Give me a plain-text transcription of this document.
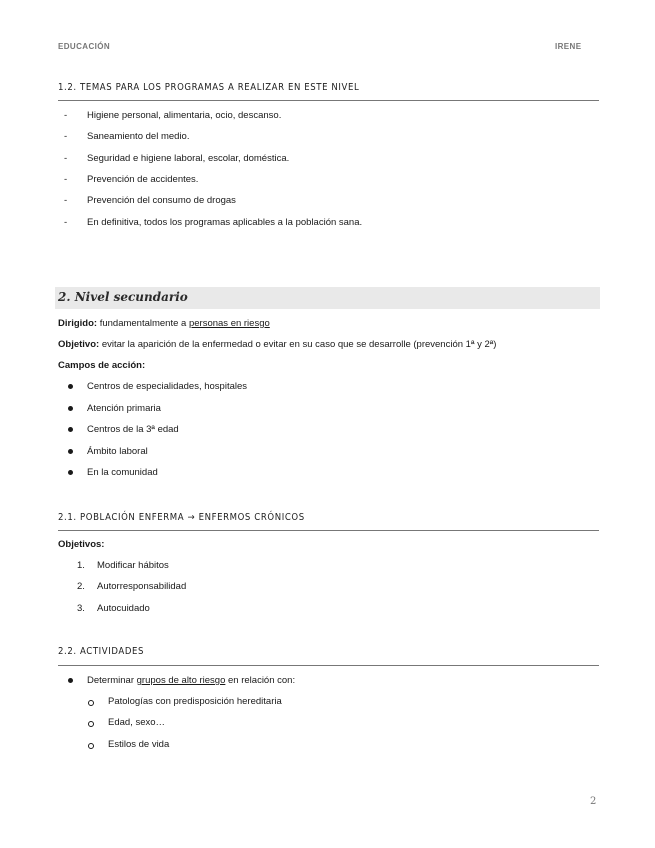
EDUCACIÓN	IRENE
1.2. TEMAS PARA LOS PROGRAMAS A REALIZAR EN ESTE NIVEL
- Higiene personal, alimentaria, ocio, descanso.
- Saneamiento del medio.
- Seguridad e higiene laboral, escolar, doméstica.
- Prevención de accidentes.
- Prevención del consumo de drogas
- En definitiva, todos los programas aplicables a la población sana.
2. Nivel secundario
Dirigido: fundamentalmente a personas en riesgo
Objetivo: evitar la aparición de la enfermedad o evitar en su caso que se desarrolle (prevención 1ª y 2ª)
Campos de acción:
Centros de especialidades, hospitales
Atención primaria
Centros de la 3ª edad
Ámbito laboral
En la comunidad
2.1. POBLACIÓN ENFERMA → ENFERMOS CRÓNICOS
Objetivos:
1. Modificar hábitos
2. Autorresponsabilidad
3. Autocuidado
2.2. ACTIVIDADES
Determinar grupos de alto riesgo en relación con:
Patologías con predisposición hereditaria
Edad, sexo…
Estilos de vida
2
